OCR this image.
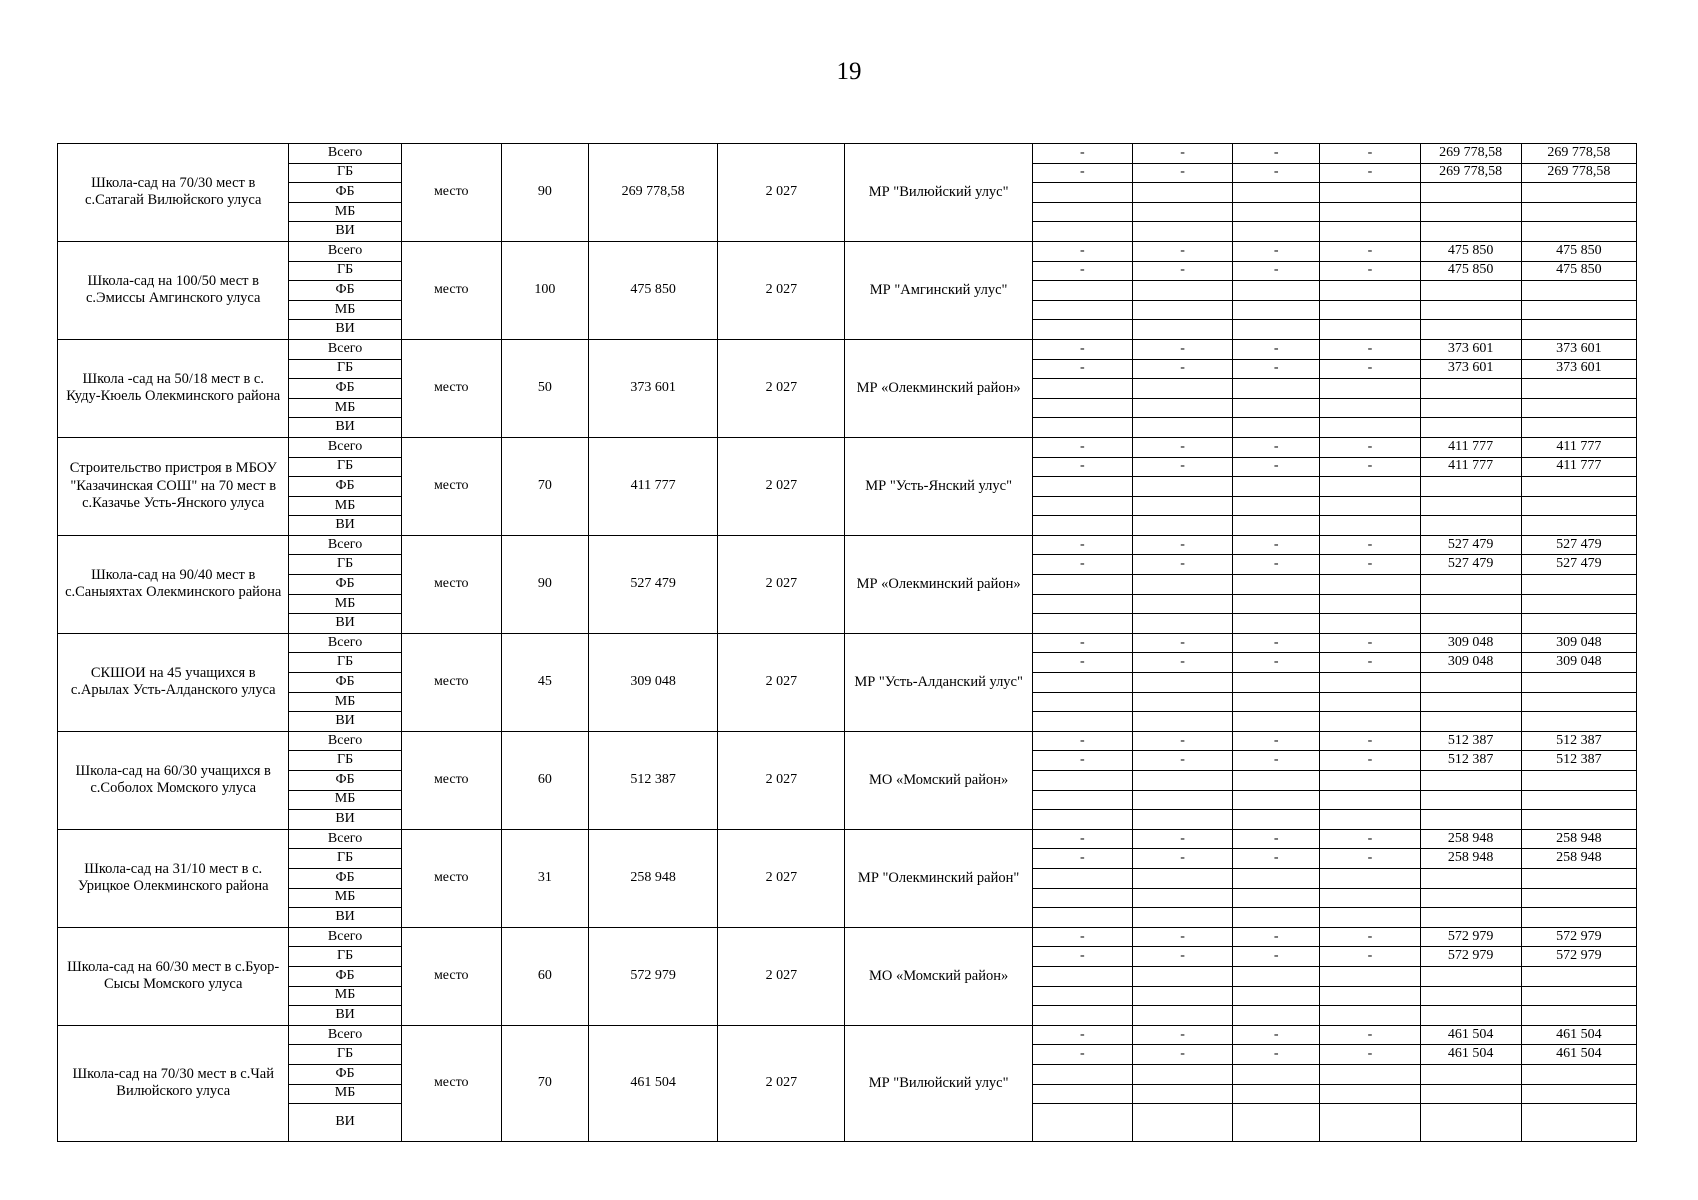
19
Школа-сад на 70/30 мест в с.Сатагай Вилюйского улуса	Всего	место	90	269 778,58	2 027	МР "Вилюйский улус"	-	-	-	-	269 778,58	269 778,58
	ГБ						-	-	-	-	269 778,58	269 778,58
	ФБ											
	МБ											
	ВИ											
Школа-сад на 100/50 мест в с.Эмиссы Амгинского улуса	Всего	место	100	475 850	2 027	МР "Амгинский улус"	-	-	-	-	475 850	475 850
	ГБ						-	-	-	-	475 850	475 850
	ФБ											
	МБ											
	ВИ											
Школа -сад на 50/18 мест в с. Куду-Кюель Олекминского района	Всего	место	50	373 601	2 027	МР «Олекминский район»	-	-	-	-	373 601	373 601
	ГБ						-	-	-	-	373 601	373 601
	ФБ											
	МБ											
	ВИ											
Строительство пристроя в МБОУ "Казачинская СОШ" на 70 мест в с.Казачье Усть-Янского улуса	Всего	место	70	411 777	2 027	МР "Усть-Янский улус"	-	-	-	-	411 777	411 777
	ГБ						-	-	-	-	411 777	411 777
	ФБ											
	МБ											
	ВИ											
Школа-сад на 90/40 мест в с.Саныяхтах Олекминского района	Всего	место	90	527 479	2 027	МР «Олекминский район»	-	-	-	-	527 479	527 479
	ГБ						-	-	-	-	527 479	527 479
	ФБ											
	МБ											
	ВИ											
СКШОИ на 45 учащихся в с.Арылах Усть-Алданского улуса	Всего	место	45	309 048	2 027	МР "Усть-Алданский улус"	-	-	-	-	309 048	309 048
	ГБ						-	-	-	-	309 048	309 048
	ФБ											
	МБ											
	ВИ											
Школа-сад на 60/30 учащихся в с.Соболох Момского улуса	Всего	место	60	512 387	2 027	МО «Момский район»	-	-	-	-	512 387	512 387
	ГБ						-	-	-	-	512 387	512 387
	ФБ											
	МБ											
	ВИ											
Школа-сад на 31/10 мест в с. Урицкое Олекминского района	Всего	место	31	258 948	2 027	МР "Олекминский район"	-	-	-	-	258 948	258 948
	ГБ						-	-	-	-	258 948	258 948
	ФБ											
	МБ											
	ВИ											
Школа-сад на 60/30 мест в с.Буор-Сысы Момского улуса	Всего	место	60	572 979	2 027	МО «Момский район»	-	-	-	-	572 979	572 979
	ГБ						-	-	-	-	572 979	572 979
	ФБ											
	МБ											
	ВИ											
Школа-сад на 70/30 мест в с.Чай Вилюйского улуса	Всего	место	70	461 504	2 027	МР "Вилюйский улус"	-	-	-	-	461 504	461 504
	ГБ						-	-	-	-	461 504	461 504
	ФБ											
	МБ											
	ВИ											
